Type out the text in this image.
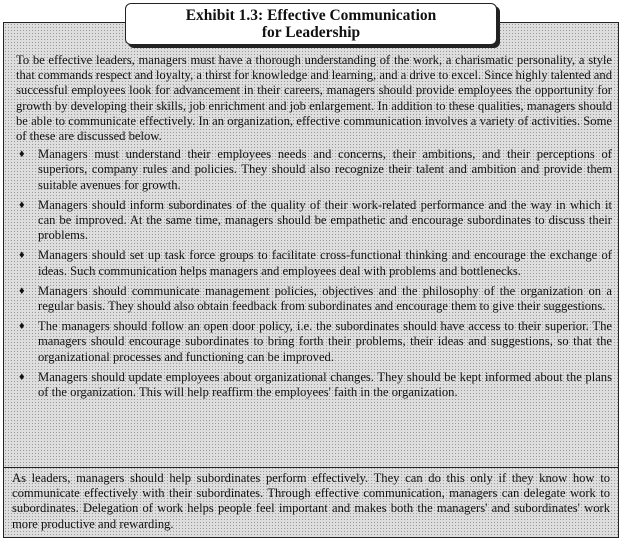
Exhibit 1.3: Effective Communication
for Leadership

To be effective leaders, managers must have a thorough understanding of the work, a charismatic personality, a style that commands respect and loyalty, a thirst for knowledge and learning, and a drive to excel. Since highly talented and successful employees look for advancement in their careers, managers should provide employees the opportunity for growth by developing their skills, job enrichment and job enlargement. In addition to these qualities, managers should be able to communicate effectively. In an organization, effective communication involves a variety of activities. Some of these are discussed below.

♦ Managers must understand their employees needs and concerns, their ambitions, and their perceptions of superiors, company rules and policies. They should also recognize their talent and ambition and provide them suitable avenues for growth.
♦ Managers should inform subordinates of the quality of their work-related performance and the way in which it can be improved. At the same time, managers should be empathetic and encourage subordinates to discuss their problems.
♦ Managers should set up task force groups to facilitate cross-functional thinking and encourage the exchange of ideas. Such communication helps managers and employees deal with problems and bottlenecks.
♦ Managers should communicate management policies, objectives and the philosophy of the organization on a regular basis. They should also obtain feedback from subordinates and encourage them to give their suggestions.
♦ The managers should follow an open door policy, i.e. the subordinates should have access to their superior. The managers should encourage subordinates to bring forth their problems, their ideas and suggestions, so that the organizational processes and functioning can be improved.
♦ Managers should update employees about organizational changes. They should be kept informed about the plans of the organization. This will help reaffirm the employees' faith in the organization.
As leaders, managers should help subordinates perform effectively. They can do this only if they know how to communicate effectively with their subordinates. Through effective communication, managers can delegate work to subordinates. Delegation of work helps people feel important and makes both the managers' and subordinates' work more productive and rewarding.
